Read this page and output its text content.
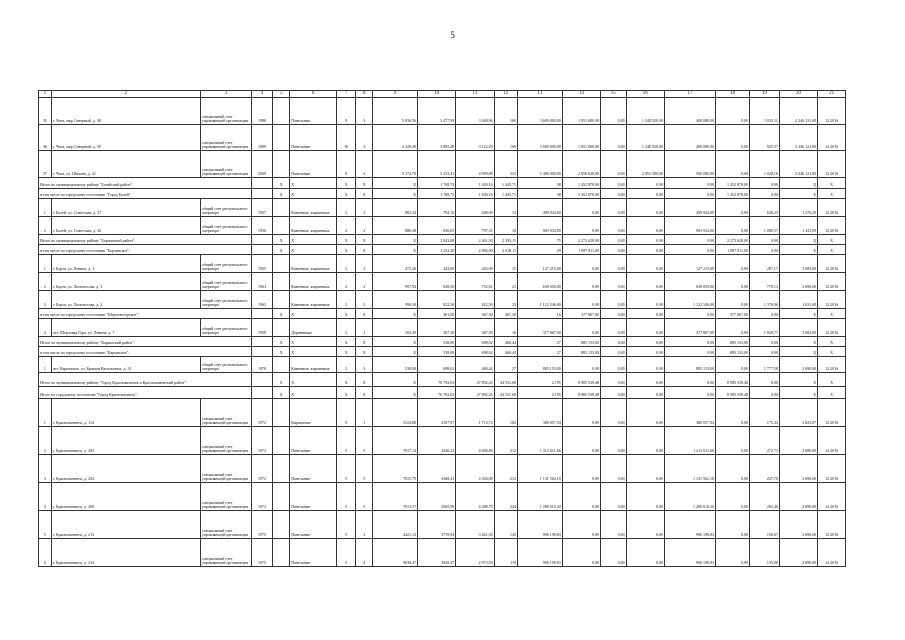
5
1	2	3	4	5	6	7	8	9	10	11	12	13	14	15	16	17	18	19	20	21
35	г. Чита, мкр Северный, д. 38	специальный счет управляющей организации	1988		Панельные	9	3	5 836,56	3 477,99	3 040,96	160	3 600 000,00	1 851 000,00	0,00	1 348 920,00	400 080,00	0,00	1 035,11	2 246 121,00	12.2016
36	г. Чита, мкр Северный, д. 39	специальный счет управляющей организации	1989		Панельные	10	3	4 329,49	3 885,48	3 122,29	169	3 600 000,00	1 851 000,00	0,00	1 348 920,00	400 080,00	0,00	925,57	2 246 121,00	12.2016
37	г. Чита, ул. Шилова, д. 41	специальный счет управляющей организации	2009		Панельные	9	3	5 274,70	5 252,41	4 999,89	252	5 400 000,00	2 850 620,00	0,00	2 053 380,00	500 000,00	0,00	1 028,16	2 246 121,00	12.2016
Итого по муниципальному району "Балейский район":				X	X	X	X	X	1 768,72	1 630,16	1 445,71	38	1 452 878,00	0,00	0,00	0,00	1 452 878,00	0,00	X	X
в том числе по городскому поселению "Город Балей":				X	X	X	X	X	1 768,72	1 630,16	1 445,71	38	1 452 878,00	0,00	0,00	0,00	1 452 878,00	0,00	X	X
1	г. Балей, ул. Советская, д. 37	общий счет регионального оператора	1937		Каменные, кирпичные	2	2	882,34	794,10	648,00	14	499 944,00	0,00	0,00	0,00	499 944,00	0,00	638,23	1 276,29	12.2016
2	г. Балей, ул. Советская, д. 36	общий счет регионального оператора	1936		Каменные, кирпичные	2	2	886,38	836,05	797,35	18	903 934,00	0,00	0,00	0,00	903 934,00	0,00	1 080,57	1 341,09	12.2016
Итого по муниципальному району "Борзинский район":				X	X	X	X	X	2 043,00	2 461,30	2 393,11	75	2 273 628,00	0,00	0,00	0,00	2 273 628,00	0,00	X	X
в том числе по городскому поселению "Борзинское":				X	X	X	X	X	2 252,20	2 094,00	2 018,11	29	1 887 811,00	0,00	0,00	0,00	1 887 811,00	0,00	X	X
1	г. Борзя, ул. Ленина, д. 1	общий счет регионального оператора	1935		Каменные, кирпичные	2	2	472,26	443,00	445,00	15	127 215,00	0,00	0,00	0,00	127 215,00	0,00	287,17	3 683,00	12.2016
2	г. Борзя, ул. Ломоносова, д. 3	общий счет регионального оператора	1963		Каменные, кирпичные	2	2	997,94	828,50	752,61	21	638 050,00	0,00	0,00	0,00	638 050,00	0,00	770,13	2 690,00	12.2016
3	г. Борзя, ул. Ломоносова, д. 2	общий счет регионального оператора	1963		Каменные, кирпичные	2	2	996,30	822,50	822,50	23	1 122 546,00	0,00	0,00	0,00	1 122 546,00	0,00	1 376,96	1 021,00	12.2016
в том числе по городскому поселению "Шерловогорское":				X	X	X	X	X	381,00	367,30	367,30	16	377 867,00	0,00	0,00	0,00	377 867,00	0,00	X	X
4	пгт. Шерловая Гора, ул. Ленина, д. 7	общий счет регионального оператора	1958		Деревянные	2	1	393,49	367,30	367,30	16	377 867,00	0,00	0,00	0,00	377 867,00	0,00	1 028,77	3 682,00	12.2016
Итого по муниципальному району "Карымский район":				X	X	X	X	X	538,00	698,02	460,44	27	885 153,00	0,00	0,00	0,00	885 153,00	0,00	X	X
в том числе по городскому поселению "Карымское":				X	X	X	X	X	538,00	698,02	460,44	27	885 153,00	0,00	0,00	0,00	885 153,00	0,00	X	X
1	пгт. Карымское, ул. Братьев Васильевых, д. 31	общий счет регионального оператора	1970		Каменные, кирпичные	2	3	538,00	698,02	460,44	27	885 153,00	0,00	0,00	0,00	885 153,00	0,00	1 777,58	2 690,00	12.2016
Итого по муниципальному району "Город Краснокаменск и Краснокаменский район":				X	X	X	X	X	76 792,03	47 892,43	44 531,68	2 195	8 985 539,48	0,00	0,00	0,00	8 985 539,48	0,00	X	X
Итого по городскому поселению "Город Краснокаменск":				X	X	X	X	X	76 792,03	47 892,43	44 531,68	2 195	8 985 539,48	0,00	0,00	0,00	8 985 539,48	0,00	X	X
1	г. Краснокаменск, д. 114	специальный счет управляющей организации	1972		Кирпичные	9	1	3124,88	2107,97	1 713,72	102	380 057,94	0,00	0,00	0,00	380 057,94	0,00	175,44	2 823,87	12.2016
2	г. Краснокаменск, д. 203	специальный счет управляющей организации	1973		Панельные	5	5	7017,14	4446,24	4 046,06	212	1 212 611,66	0,00	0,00	0,00	1 212 611,66	0,00	272,73	2 680,00	12.2016
3	г. Краснокаменск, д. 204	специальный счет управляющей организации	1972		Панельные	5	5	7015,79	4368,21	4 304,08	212	1 131 562,18	0,00	0,00	0,00	1 131 562,18	0,00	247,70	2 690,00	12.2016
4	г. Краснокаменск, д. 209	специальный счет управляющей организации	1973		Панельные	5	5	7013,37	4565,99	4 288,79	244	1 280 610,20	0,00	0,00	0,00	1 280 610,20	0,00	282,46	2 690,00	12.2016
5	г. Краснокаменск, д. 213	специальный счет управляющей организации	1975		Панельные	5	3	4421,14	3719,94	3 621,50	145	996 198,83	0,00	0,00	0,00	996 198,83	0,00	156,67	2 690,00	12.2016
6	г. Краснокаменск, д. 214	специальный счет управляющей организации	1975		Панельные	5	4	9039,47	3945,47	2 973,03	119	996 198,83	0,00	0,00	0,00	996 198,83	0,00	135,08	2 690,00	12.2016
